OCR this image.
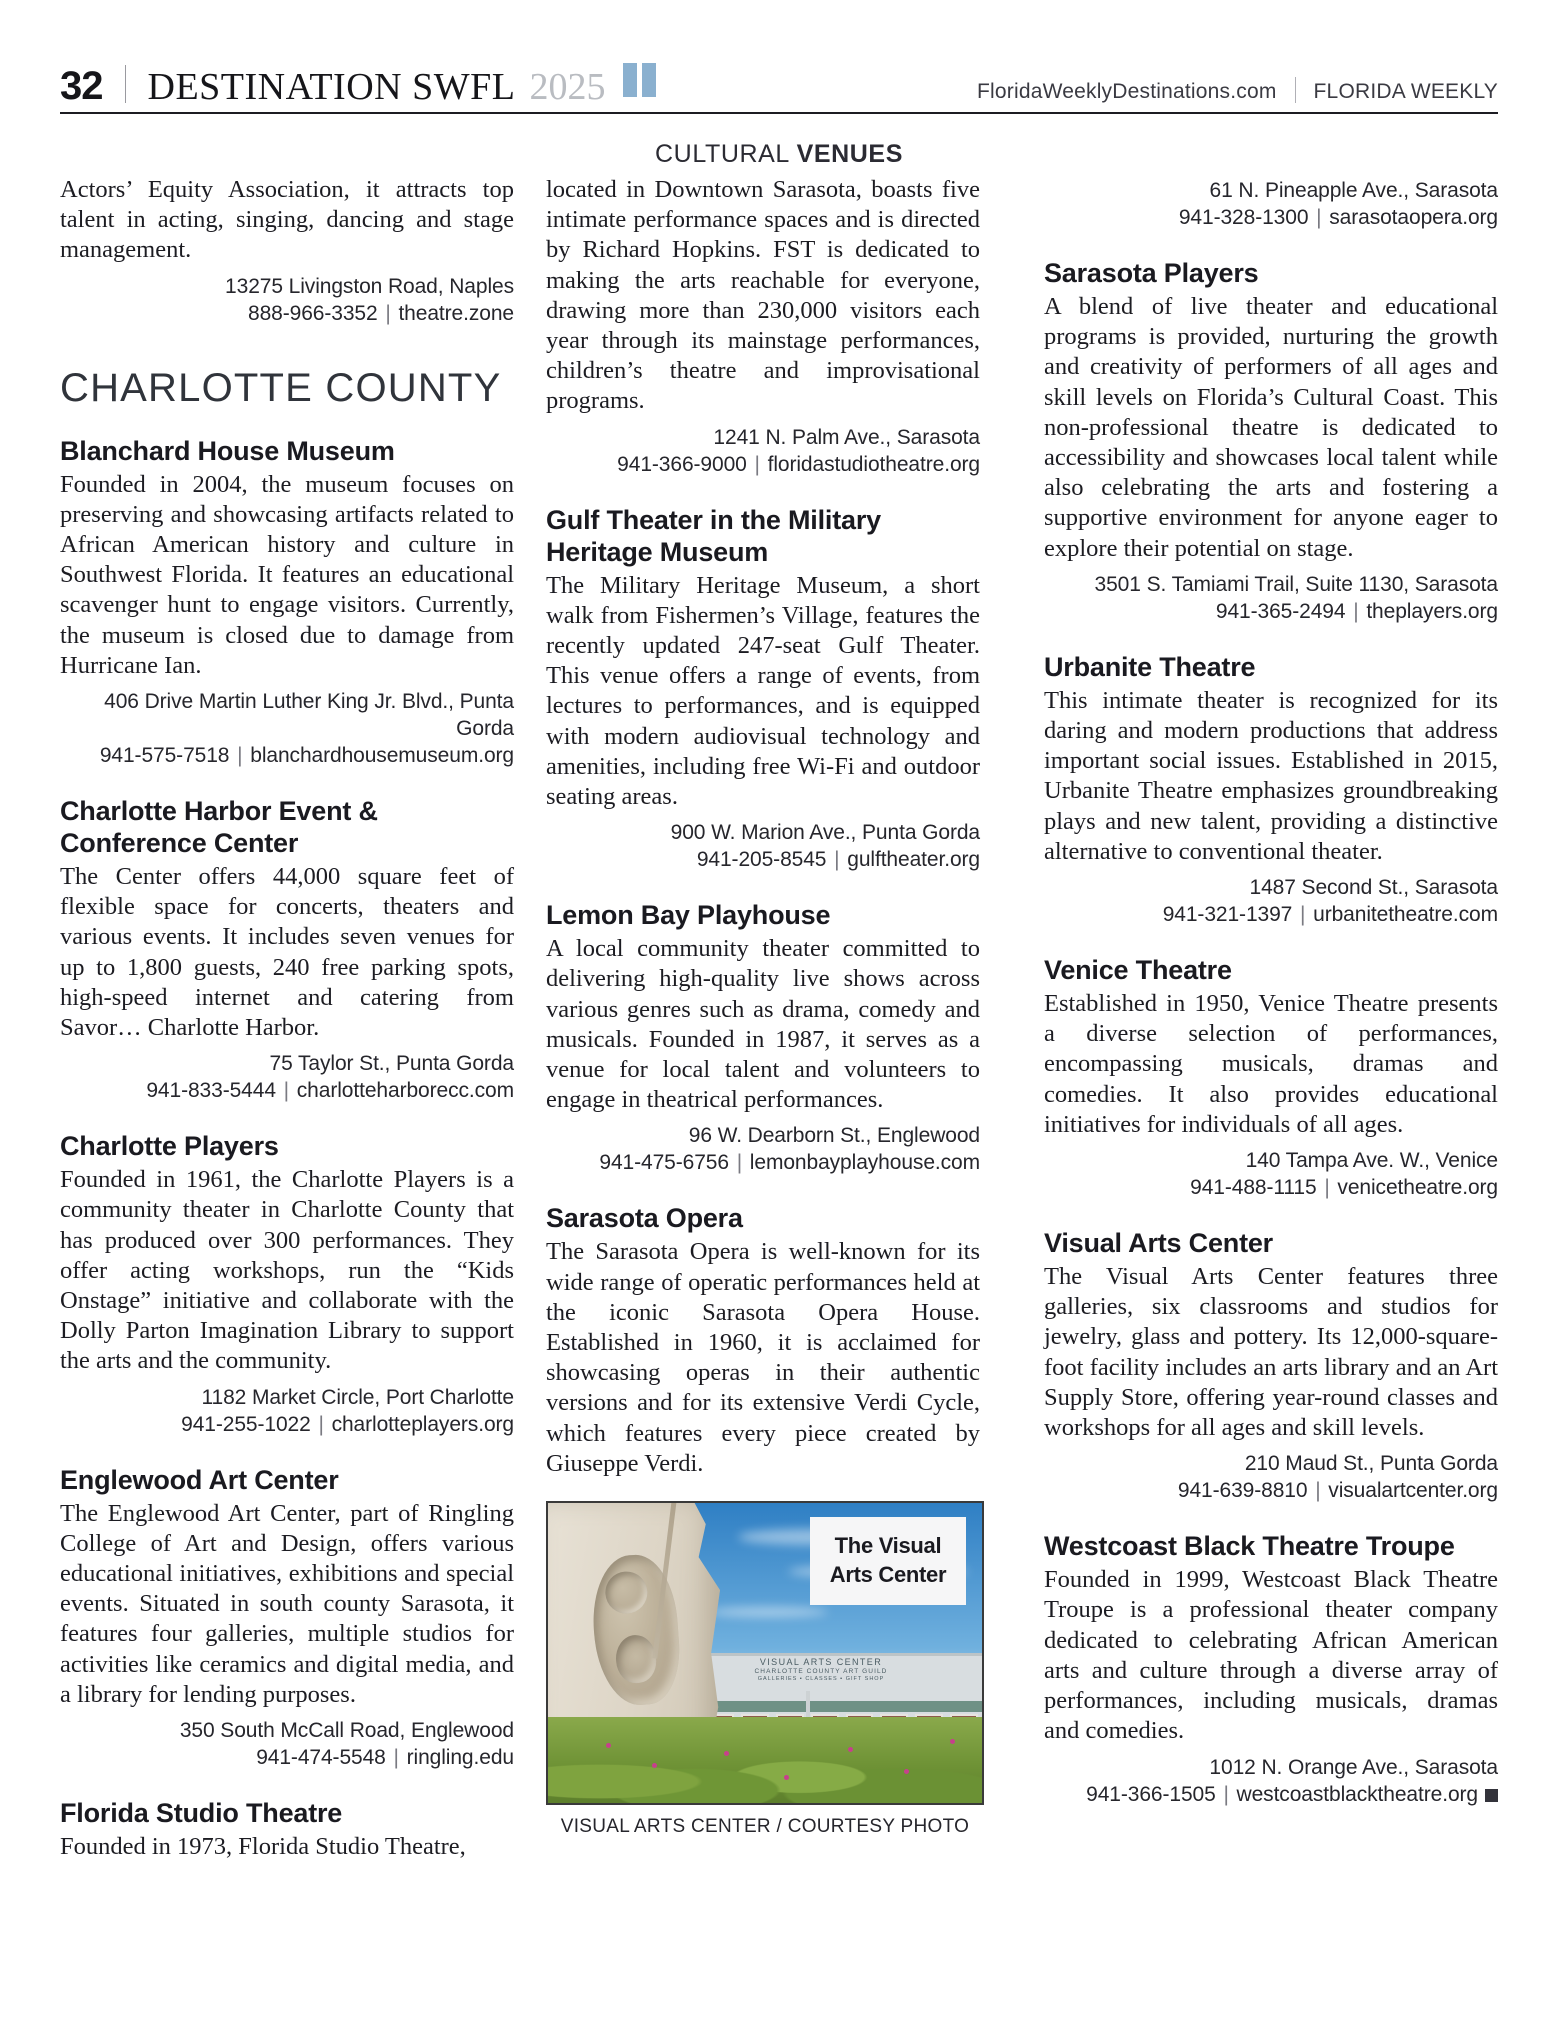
32 DESTINATION SWFL 2025	FloridaWeeklyDestinations.com FLORIDA WEEKLY
CULTURAL VENUES

Actors’ Equity Association, it attracts top talent in acting, singing, dancing and stage management.

13275 Livingston Road, Naples
888-966-3352 | theatre.zone
CHARLOTTE COUNTY
Blanchard House Museum

Founded in 2004, the museum focuses on preserving and showcasing artifacts related to African American history and culture in Southwest Florida. It features an educational scavenger hunt to engage visitors. Currently, the museum is closed due to damage from Hurricane Ian.

406 Drive Martin Luther King Jr. Blvd., Punta Gorda
941-575-7518 | blanchardhousemuseum.org
Charlotte Harbor Event & Conference Center

The Center offers 44,000 square feet of flexible space for concerts, theaters and various events. It includes seven venues for up to 1,800 guests, 240 free parking spots, high-speed internet and catering from Savor… Charlotte Harbor.

75 Taylor St., Punta Gorda
941-833-5444 | charlotteharborecc.com
Charlotte Players

Founded in 1961, the Charlotte Players is a community theater in Charlotte County that has produced over 300 performances. They offer acting workshops, run the “Kids Onstage” initiative and collaborate with the Dolly Parton Imagination Library to support the arts and the community.

1182 Market Circle, Port Charlotte
941-255-1022 | charlotteplayers.org
Englewood Art Center

The Englewood Art Center, part of Ringling College of Art and Design, offers various educational initiatives, exhibitions and special events. Situated in south county Sarasota, it features four galleries, multiple studios for activities like ceramics and digital media, and a library for lending purposes.

350 South McCall Road, Englewood
941-474-5548 | ringling.edu
Florida Studio Theatre

Founded in 1973, Florida Studio Theatre,

located in Downtown Sarasota, boasts five intimate performance spaces and is directed by Richard Hopkins. FST is dedicated to making the arts reachable for everyone, drawing more than 230,000 visitors each year through its mainstage performances, children’s theatre and improvisational programs.

1241 N. Palm Ave., Sarasota
941-366-9000 | floridastudiotheatre.org
Gulf Theater in the Military Heritage Museum

The Military Heritage Museum, a short walk from Fishermen’s Village, features the recently updated 247-seat Gulf Theater. This venue offers a range of events, from lectures to performances, and is equipped with modern audiovisual technology and amenities, including free Wi-Fi and outdoor seating areas.

900 W. Marion Ave., Punta Gorda
941-205-8545 | gulftheater.org
Lemon Bay Playhouse

A local community theater committed to delivering high-quality live shows across various genres such as drama, comedy and musicals. Founded in 1987, it serves as a venue for local talent and volunteers to engage in theatrical performances.

96 W. Dearborn St., Englewood
941-475-6756 | lemonbayplayhouse.com
Sarasota Opera

The Sarasota Opera is well-known for its wide range of operatic performances held at the iconic Sarasota Opera House. Established in 1960, it is acclaimed for showcasing operas in their authentic versions and for its extensive Verdi Cycle, which features every piece created by Giuseppe Verdi.

VISUAL ARTS CENTER
CHARLOTTE COUNTY ART GUILD
GALLERIES ▪ CLASSES ▪ GIFT SHOP
The Visual
Arts Center
VISUAL ARTS CENTER / COURTESY PHOTO
61 N. Pineapple Ave., Sarasota
941-328-1300 | sarasotaopera.org
Sarasota Players

A blend of live theater and educational programs is provided, nurturing the growth and creativity of performers of all ages and skill levels on Florida’s Cultural Coast. This non-professional theatre is dedicated to accessibility and showcases local talent while also celebrating the arts and fostering a supportive environment for anyone eager to explore their potential on stage.

3501 S. Tamiami Trail, Suite 1130, Sarasota
941-365-2494 | theplayers.org
Urbanite Theatre

This intimate theater is recognized for its daring and modern productions that address important social issues. Established in 2015, Urbanite Theatre emphasizes groundbreaking plays and new talent, providing a distinctive alternative to conventional theater.

1487 Second St., Sarasota
941-321-1397 | urbanitetheatre.com
Venice Theatre

Established in 1950, Venice Theatre presents a diverse selection of performances, encompassing musicals, dramas and comedies. It also provides educational initiatives for individuals of all ages.

140 Tampa Ave. W., Venice
941-488-1115 | venicetheatre.org
Visual Arts Center

The Visual Arts Center features three galleries, six classrooms and studios for jewelry, glass and pottery. Its 12,000-square-foot facility includes an arts library and an Art Supply Store, offering year-round classes and workshops for all ages and skill levels.

210 Maud St., Punta Gorda
941-639-8810 | visualartcenter.org
Westcoast Black Theatre Troupe

Founded in 1999, Westcoast Black Theatre Troupe is a professional theater company dedicated to celebrating African American arts and culture through a diverse array of performances, including musicals, dramas and comedies.

1012 N. Orange Ave., Sarasota
941-366-1505 | westcoastblacktheatre.org
